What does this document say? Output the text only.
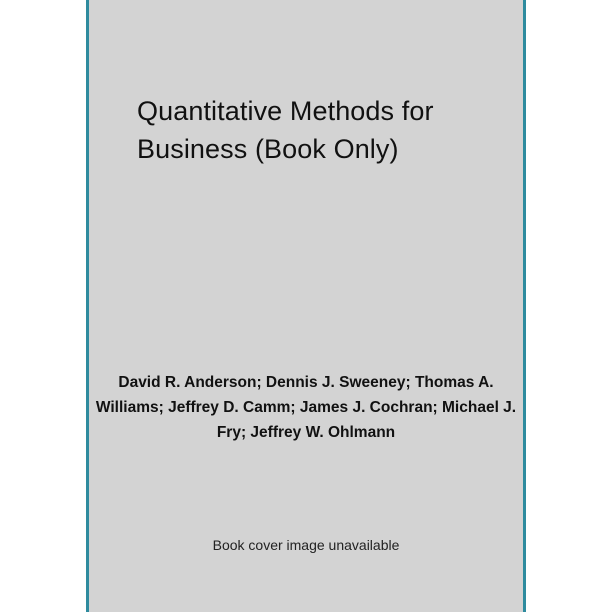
Quantitative Methods for Business (Book Only)
David R. Anderson; Dennis J. Sweeney; Thomas A. Williams; Jeffrey D. Camm; James J. Cochran; Michael J. Fry; Jeffrey W. Ohlmann
Book cover image unavailable
